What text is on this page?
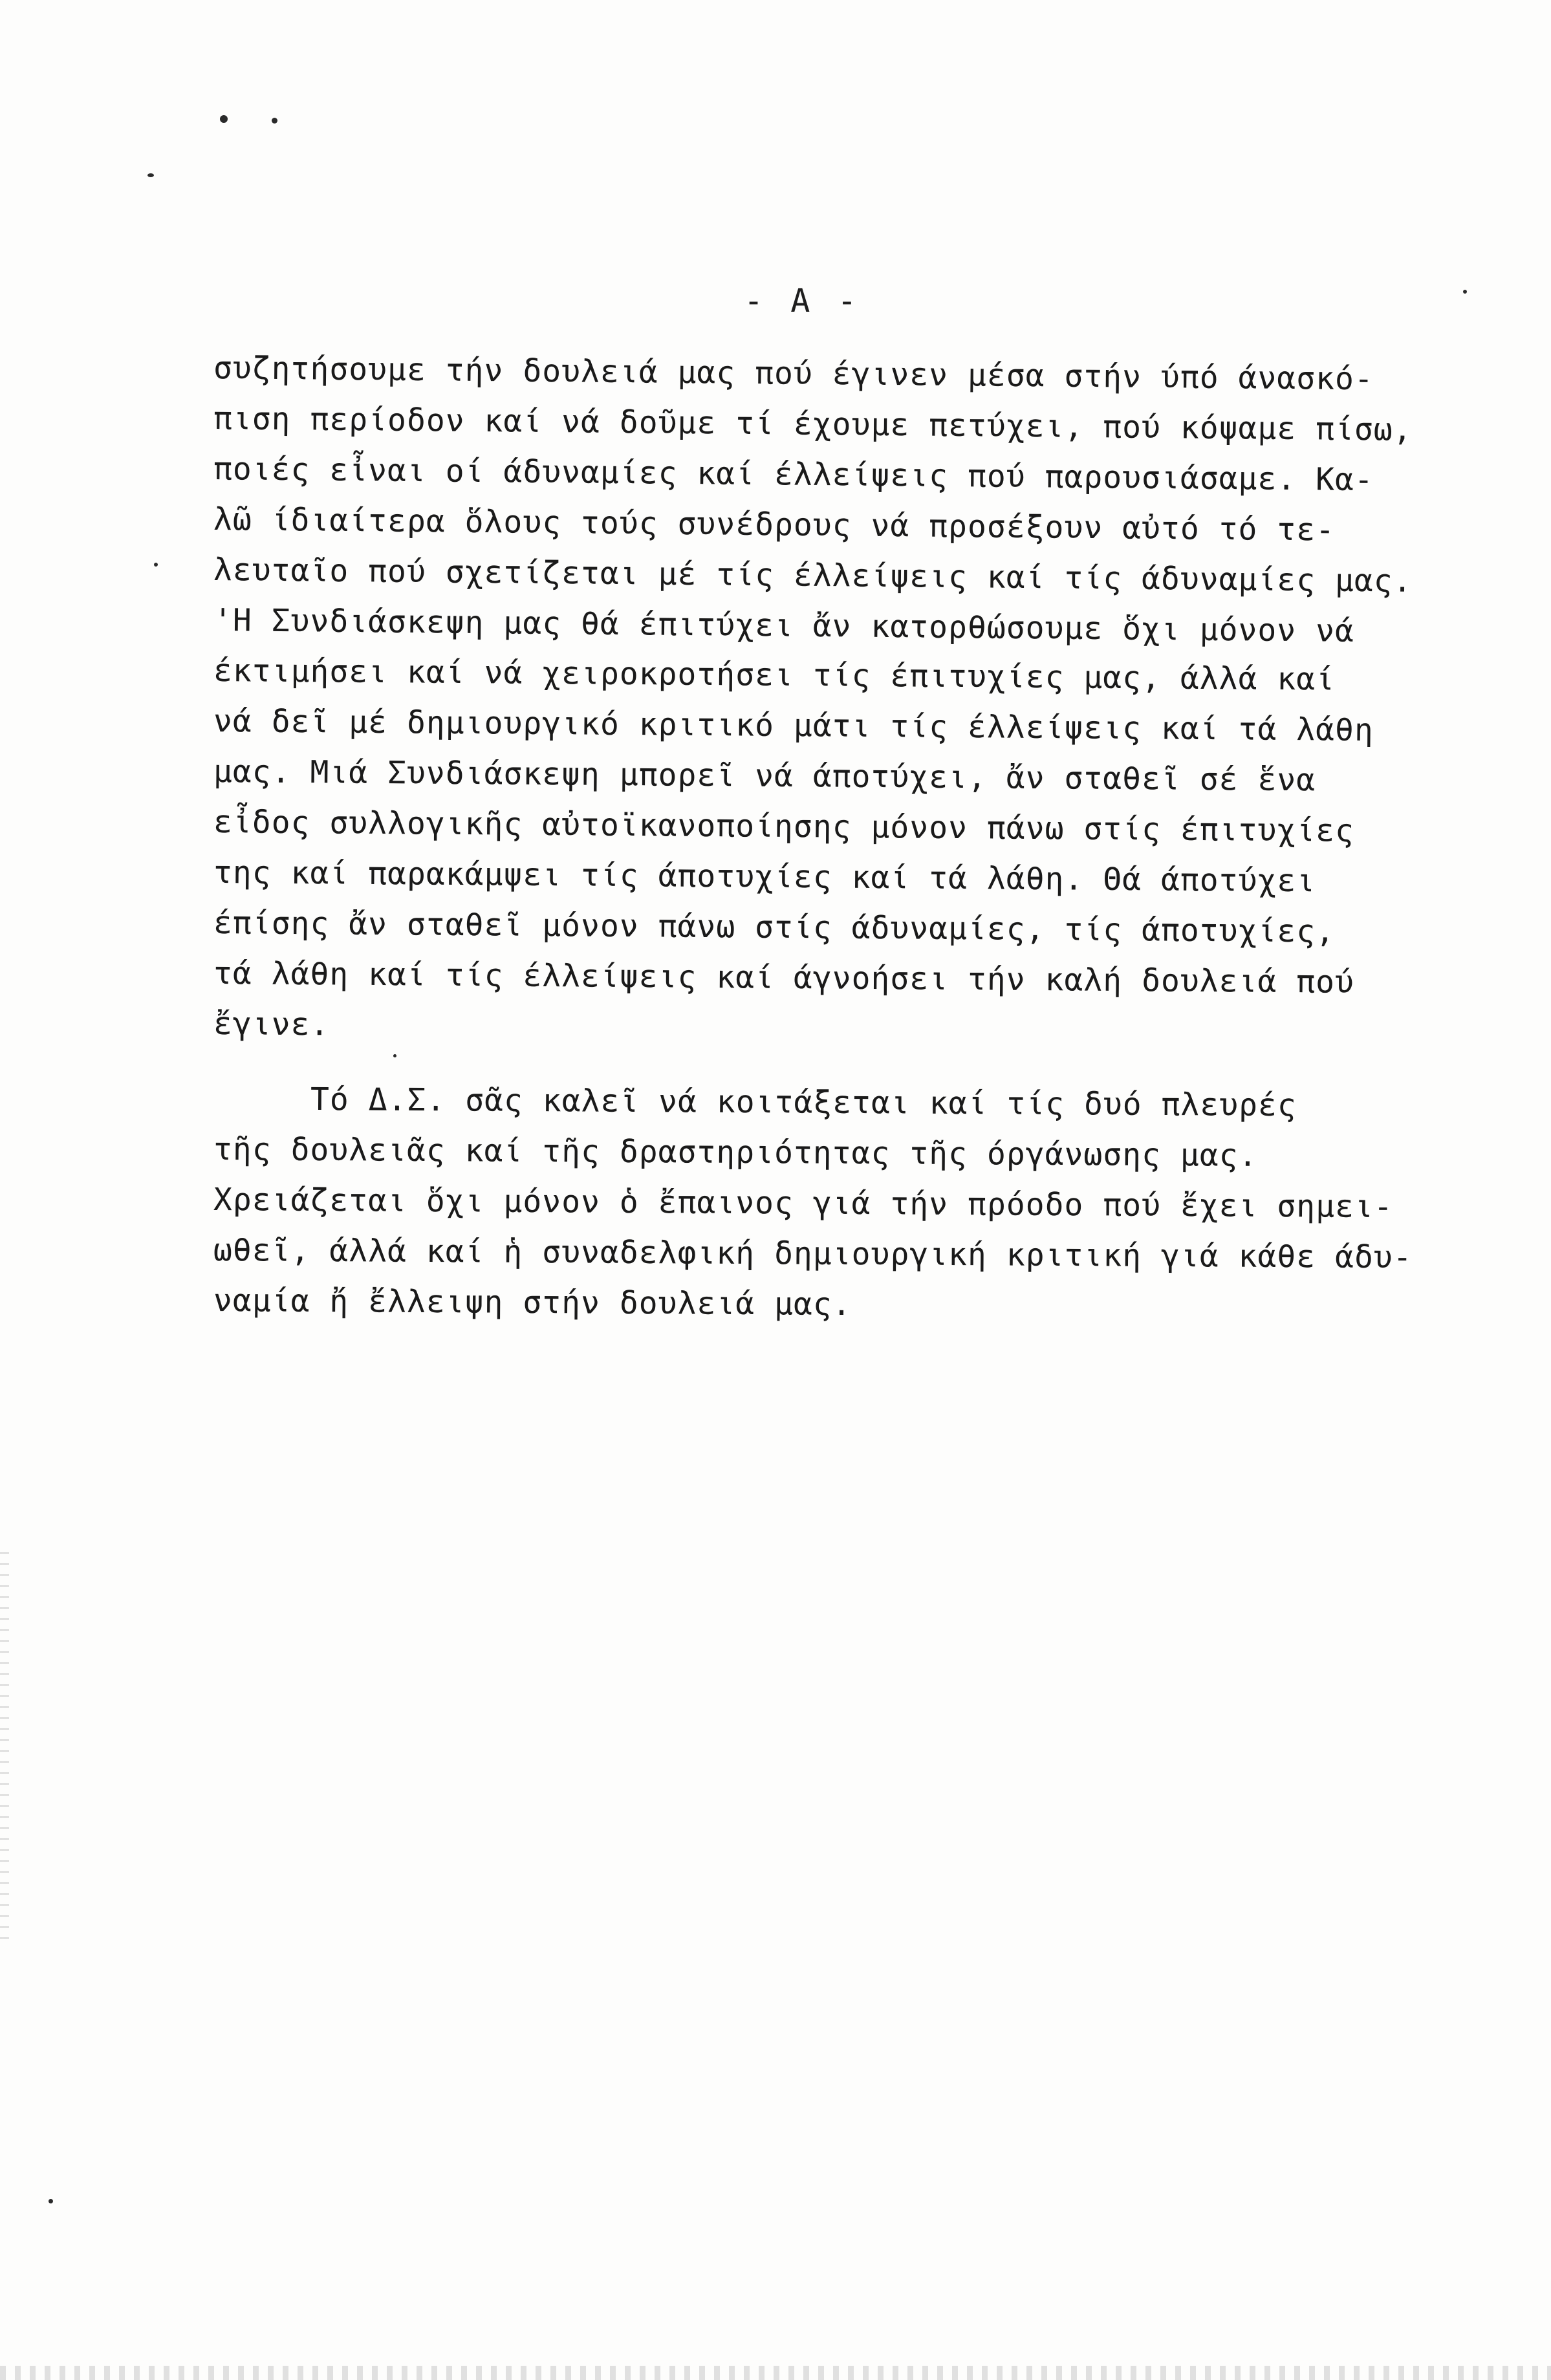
- A -
συζητήσουμε τήν δουλειά μας πού έγινεν μέσα στήν ύπό άνασκό-
πιση περίοδον καί νά δοῦμε τί έχουμε πετύχει, πού κόψαμε πίσω,
ποιές εἶναι οί άδυναμίες καί έλλείψεις πού παρουσιάσαμε. Κα-
λῶ ίδιαίτερα ὅλους τούς συνέδρους νά προσέξουν αὐτό τό τε-
λευταῖο πού σχετίζεται μέ τίς έλλείψεις καί τίς άδυναμίες μας.
'Η Συνδιάσκεψη μας θά έπιτύχει ἄν κατορθώσουμε ὅχι μόνον νά
έκτιμήσει καί νά χειροκροτήσει τίς έπιτυχίες μας, άλλά καί
νά δεῖ μέ δημιουργικό κριτικό μάτι τίς έλλείψεις καί τά λάθη
μας. Μιά Συνδιάσκεψη μπορεῖ νά άποτύχει, ἄν σταθεῖ σέ ἕνα
εἶδος συλλογικῆς αὐτοϊκανοποίησης μόνον πάνω στίς έπιτυχίες
της καί παρακάμψει τίς άποτυχίες καί τά λάθη. Θά άποτύχει
έπίσης ἄν σταθεῖ μόνον πάνω στίς άδυναμίες, τίς άποτυχίες,
τά λάθη καί τίς έλλείψεις καί άγνοήσει τήν καλή δουλειά πού
ἔγινε.
Τό Δ.Σ. σᾶς καλεῖ νά κοιτάξεται καί τίς δυό πλευρές
τῆς δουλειᾶς καί τῆς δραστηριότητας τῆς όργάνωσης μας.
Χρειάζεται ὅχι μόνον ὁ ἔπαινος γιά τήν πρόοδο πού ἔχει σημει-
ωθεῖ, άλλά καί ἡ συναδελφική δημιουργική κριτική γιά κάθε άδυ-
ναμία ἤ ἔλλειψη στήν δουλειά μας.
